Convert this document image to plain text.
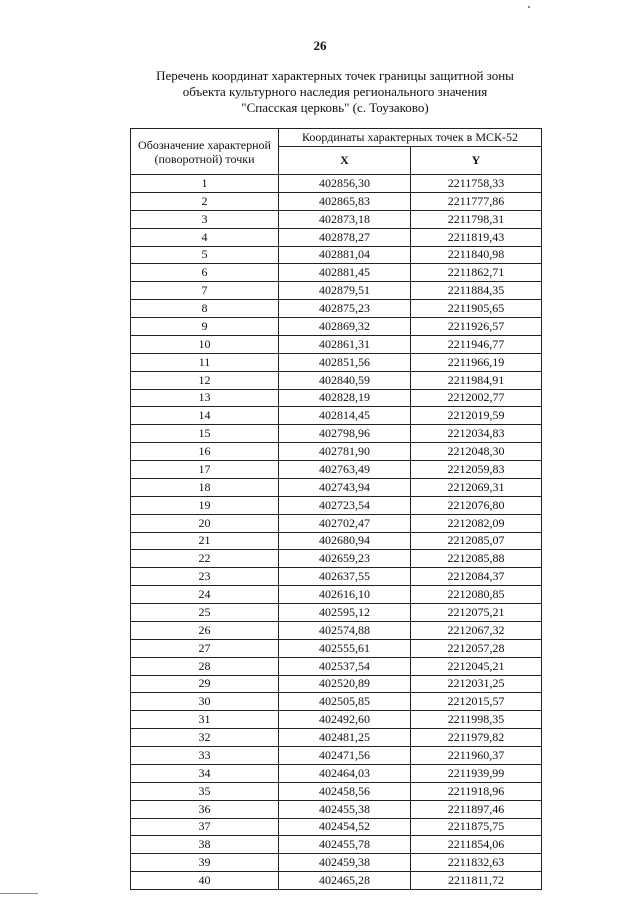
26
Перечень координат характерных точек границы защитной зоны
объекта культурного наследия регионального значения
"Спасская церковь" (с. Тоузаково)
Обозначение характерной (поворотной) точки	Координаты характерных точек в МСК-52	
	X	Y
1	402856,30	2211758,33
2	402865,83	2211777,86
3	402873,18	2211798,31
4	402878,27	2211819,43
5	402881,04	2211840,98
6	402881,45	2211862,71
7	402879,51	2211884,35
8	402875,23	2211905,65
9	402869,32	2211926,57
10	402861,31	2211946,77
11	402851,56	2211966,19
12	402840,59	2211984,91
13	402828,19	2212002,77
14	402814,45	2212019,59
15	402798,96	2212034,83
16	402781,90	2212048,30
17	402763,49	2212059,83
18	402743,94	2212069,31
19	402723,54	2212076,80
20	402702,47	2212082,09
21	402680,94	2212085,07
22	402659,23	2212085,88
23	402637,55	2212084,37
24	402616,10	2212080,85
25	402595,12	2212075,21
26	402574,88	2212067,32
27	402555,61	2212057,28
28	402537,54	2212045,21
29	402520,89	2212031,25
30	402505,85	2212015,57
31	402492,60	2211998,35
32	402481,25	2211979,82
33	402471,56	2211960,37
34	402464,03	2211939,99
35	402458,56	2211918,96
36	402455,38	2211897,46
37	402454,52	2211875,75
38	402455,78	2211854,06
39	402459,38	2211832,63
40	402465,28	2211811,72
